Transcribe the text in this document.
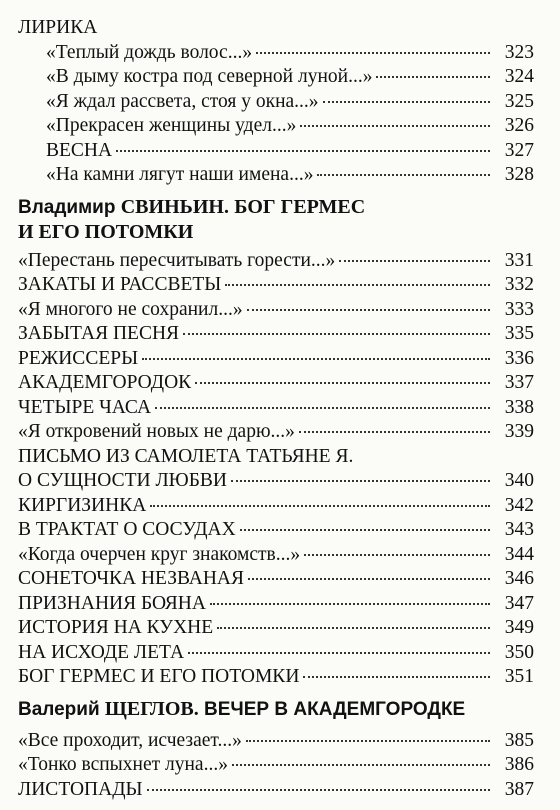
ЛИРИКА
«Теплый дождь волос...»	323
«В дыму костра под северной луной...»	324
«Я ждал рассвета, стоя у окна...»	325
«Прекрасен женщины удел...»	326
ВЕСНА	327
«На камни лягут наши имена...»	328
Владимир СВИНЬИН. БОГ ГЕРМЕС
И ЕГО ПОТОМКИ
«Перестань пересчитывать горести...»	331
ЗАКАТЫ И РАССВЕТЫ	332
«Я многого не сохранил...»	333
ЗАБЫТАЯ ПЕСНЯ	335
РЕЖИССЕРЫ	336
АКАДЕМГОРОДОК	337
ЧЕТЫРЕ ЧАСА	338
«Я откровений новых не дарю...»	339
ПИСЬМО ИЗ САМОЛЕТА ТАТЬЯНЕ Я.
О СУЩНОСТИ ЛЮБВИ	340
КИРГИЗИНКА	342
В ТРАКТАТ О СОСУДАХ	343
«Когда очерчен круг знакомств...»	344
СОНЕТОЧКА НЕЗВАНАЯ	346
ПРИЗНАНИЯ БОЯНА	347
ИСТОРИЯ НА КУХНЕ	349
НА ИСХОДЕ ЛЕТА	350
БОГ ГЕРМЕС И ЕГО ПОТОМКИ	351
Валерий ЩЕГЛОВ. ВЕЧЕР В АКАДЕМГОРОДКЕ
«Все проходит, исчезает...»	385
«Тонко вспыхнет луна...»	386
ЛИСТОПАДЫ	387
